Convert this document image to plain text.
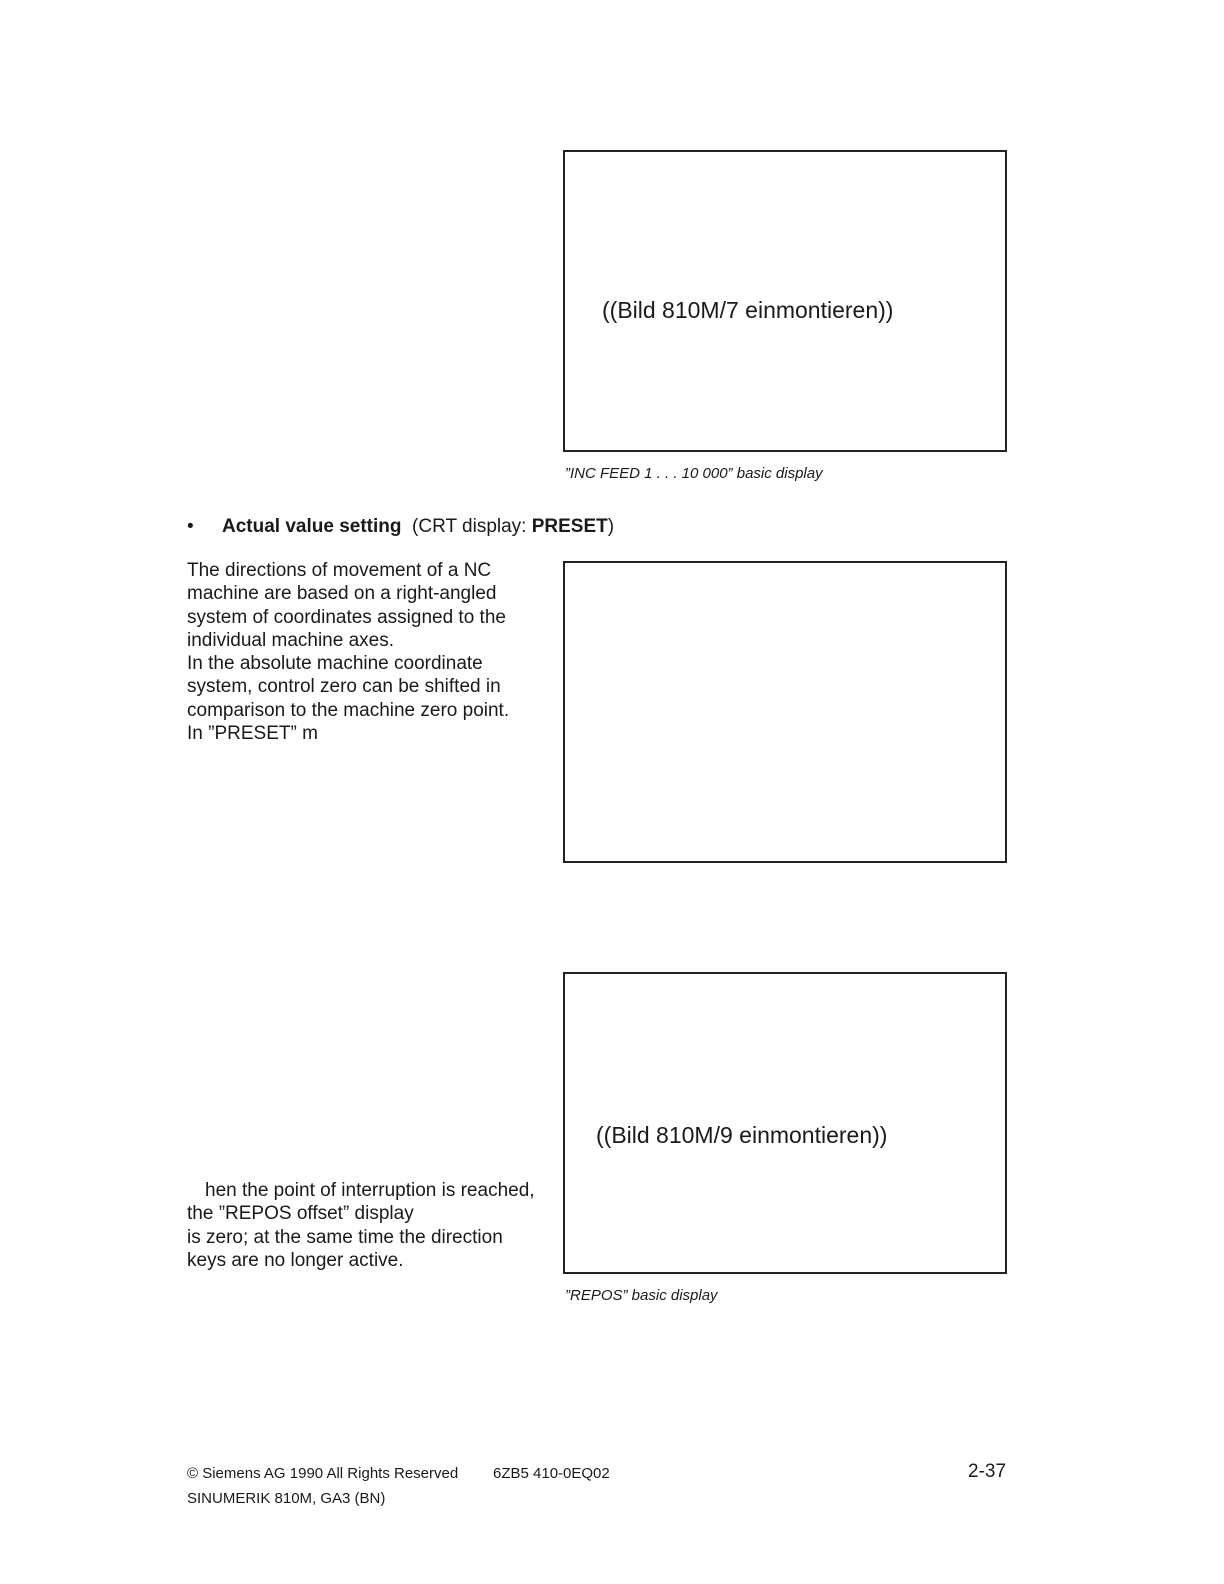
((Bild 810M/7 einmontieren))
”INC FEED 1 . . . 10 000” basic display
• Actual value setting  (CRT display: PRESET)
The directions of movement of a NC
machine are based on a right-angled
system of coordinates assigned to the
individual machine axes.
In the absolute machine coordinate
system, control zero can be shifted in
comparison to the machine zero point.
In ”PRESET” m
((Bild 810M/9 einmontieren))
”REPOS” basic display
hen the point of interruption is reached,
the ”REPOS offset” display
is zero; at the same time the direction
keys are no longer active.
© Siemens AG 1990 All Rights Reserved 6ZB5 410-0EQ02	2-37
SINUMERIK 810M, GA3 (BN)
